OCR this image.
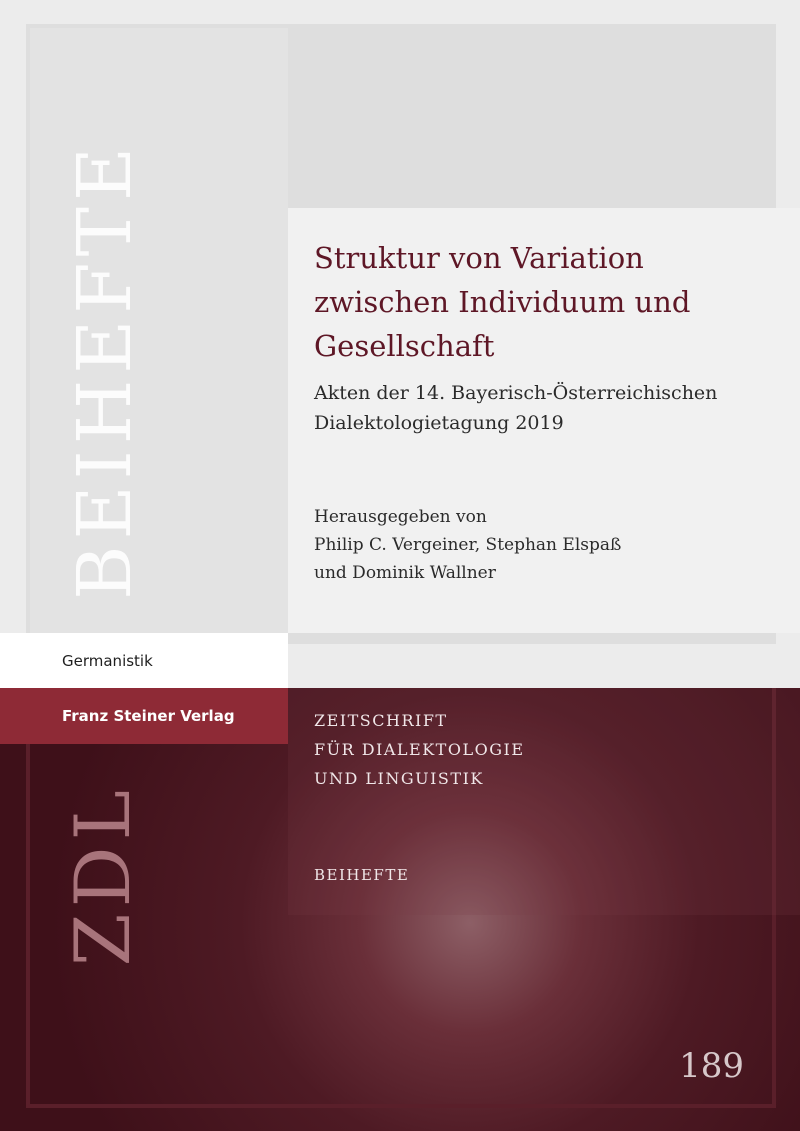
BEIHEFTE	Struktur von Variation zwischen Individuum und Gesellschaft

Akten der 14. Bayerisch-Österreichischen Dialektologietagung 2019

Herausgegeben von
Philip C. Vergeiner, Stephan Elspaß
und Dominik Wallner
Germanistik
Franz Steiner Verlag	ZEITSCHRIFT
FÜR DIALEKTOLOGIE
UND LINGUISTIK
BEIHEFTE
ZDL
189
